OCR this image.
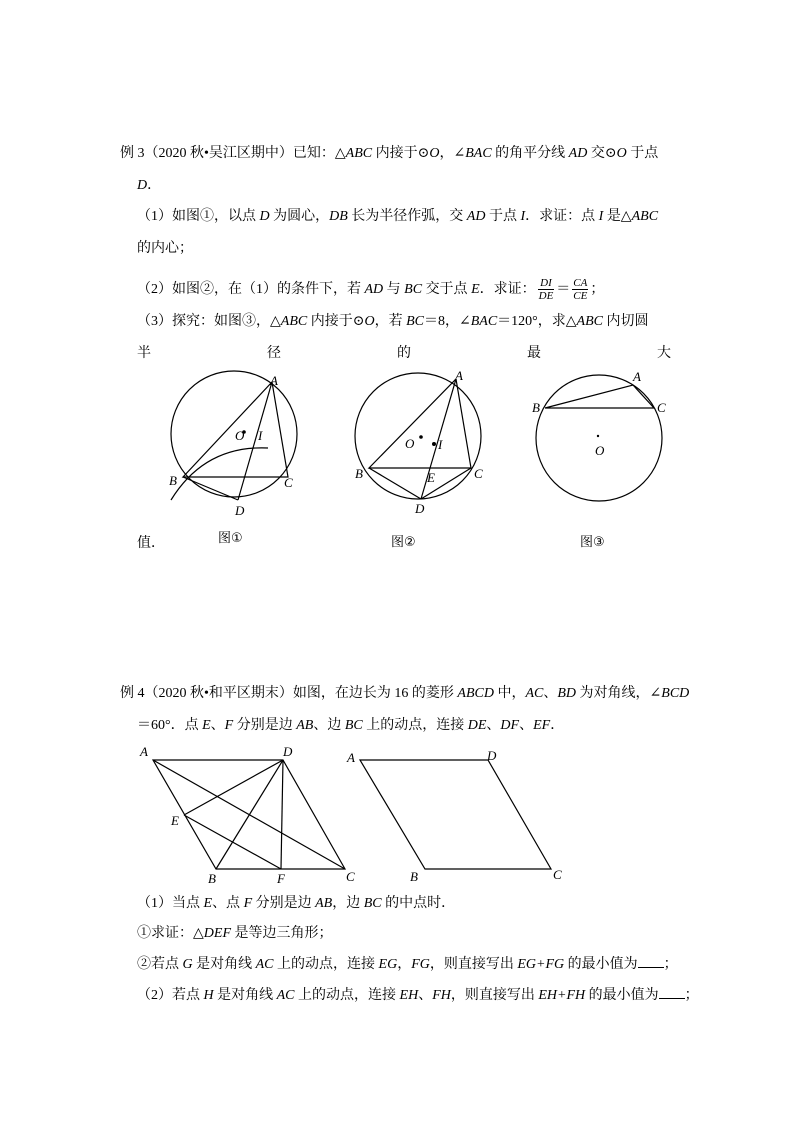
例 3（2020 秋•吴江区期中）已知：△ABC 内接于⊙O，∠BAC 的角平分线 AD 交⊙O 于点
D．
（1）如图①，以点 D 为圆心，DB 长为半径作弧，交 AD 于点 I．求证：点 I 是△ABC
的内心；
（2）如图②，在（1）的条件下，若 AD 与 BC 交于点 E．求证： $\frac{DI}{DE} = \frac{CA}{CE}$ ；
（3）探究：如图③，△ABC 内接于⊙O，若 BC＝8，∠BAC＝120°，求△ABC 内切圆
半	径	的	最	大
值．	图①	图②	图③
A
O I
B	C
D
A
O I
B	E	C
D
A
B	C
O
A	D
E
B	F	C
A	D
B	C
例 4（2020 秋•和平区期末）如图，在边长为 16 的菱形 ABCD 中，AC、BD 为对角线，∠BCD
＝60°．点 E、F 分别是边 AB、边 BC 上的动点，连接 DE、DF、EF．
（1）当点 E、点 F 分别是边 AB，边 BC 的中点时．
①求证：△DEF 是等边三角形；
②若点 G 是对角线 AC 上的动点，连接 EG，FG，则直接写出 EG+FG 的最小值为 ；
（2）若点 H 是对角线 AC 上的动点，连接 EH、FH，则直接写出 EH+FH 的最小值为 ；
